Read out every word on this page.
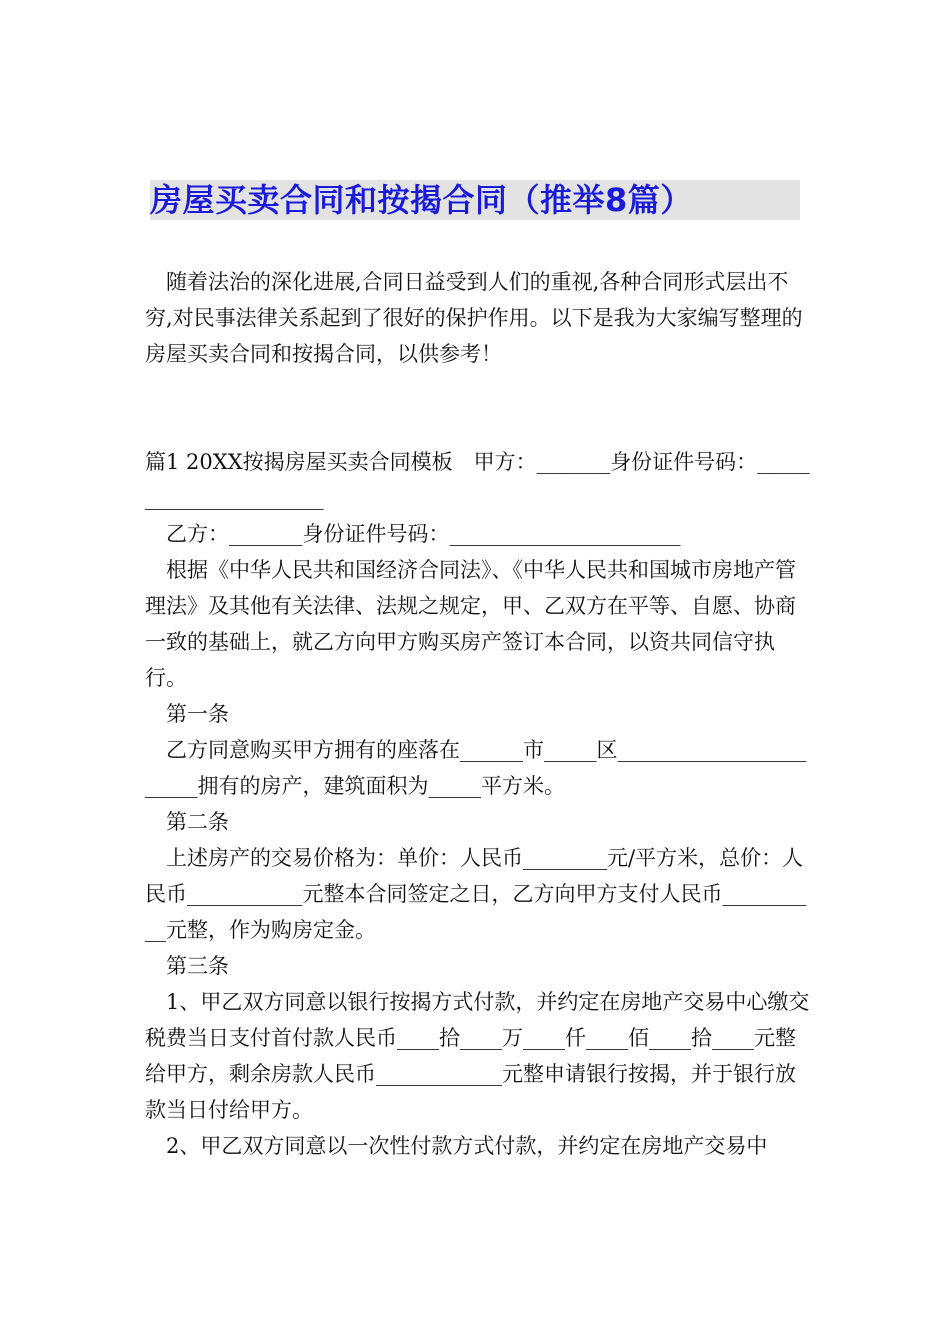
房屋买卖合同和按揭合同（推举8篇）

随着法治的深化进展,合同日益受到人们的重视,各种合同形式层出不穷,对民事法律关系起到了很好的保护作用。以下是我为大家编写整理的房屋买卖合同和按揭合同，以供参考！

篇1 20XX按揭房屋买卖合同模板　甲方：_______身份证件号码：______________________

乙方：_______身份证件号码：______________________

根据《中华人民共和国经济合同法》、《中华人民共和国城市房地产管理法》及其他有关法律、法规之规定，甲、乙双方在平等、自愿、协商一致的基础上，就乙方向甲方购买房产签订本合同，以资共同信守执行。

第一条

乙方同意购买甲方拥有的座落在______市_____区_______________________拥有的房产，建筑面积为_____平方米。

第二条

上述房产的交易价格为：单价：人民币________元/平方米，总价：人民币___________元整本合同签定之日，乙方向甲方支付人民币__________元整，作为购房定金。

第三条

1、甲乙双方同意以银行按揭方式付款，并约定在房地产交易中心缴交税费当日支付首付款人民币____拾____万____仟____佰____拾____元整给甲方，剩余房款人民币____________元整申请银行按揭，并于银行放款当日付给甲方。

2、甲乙双方同意以一次性付款方式付款，并约定在房地产交易中
